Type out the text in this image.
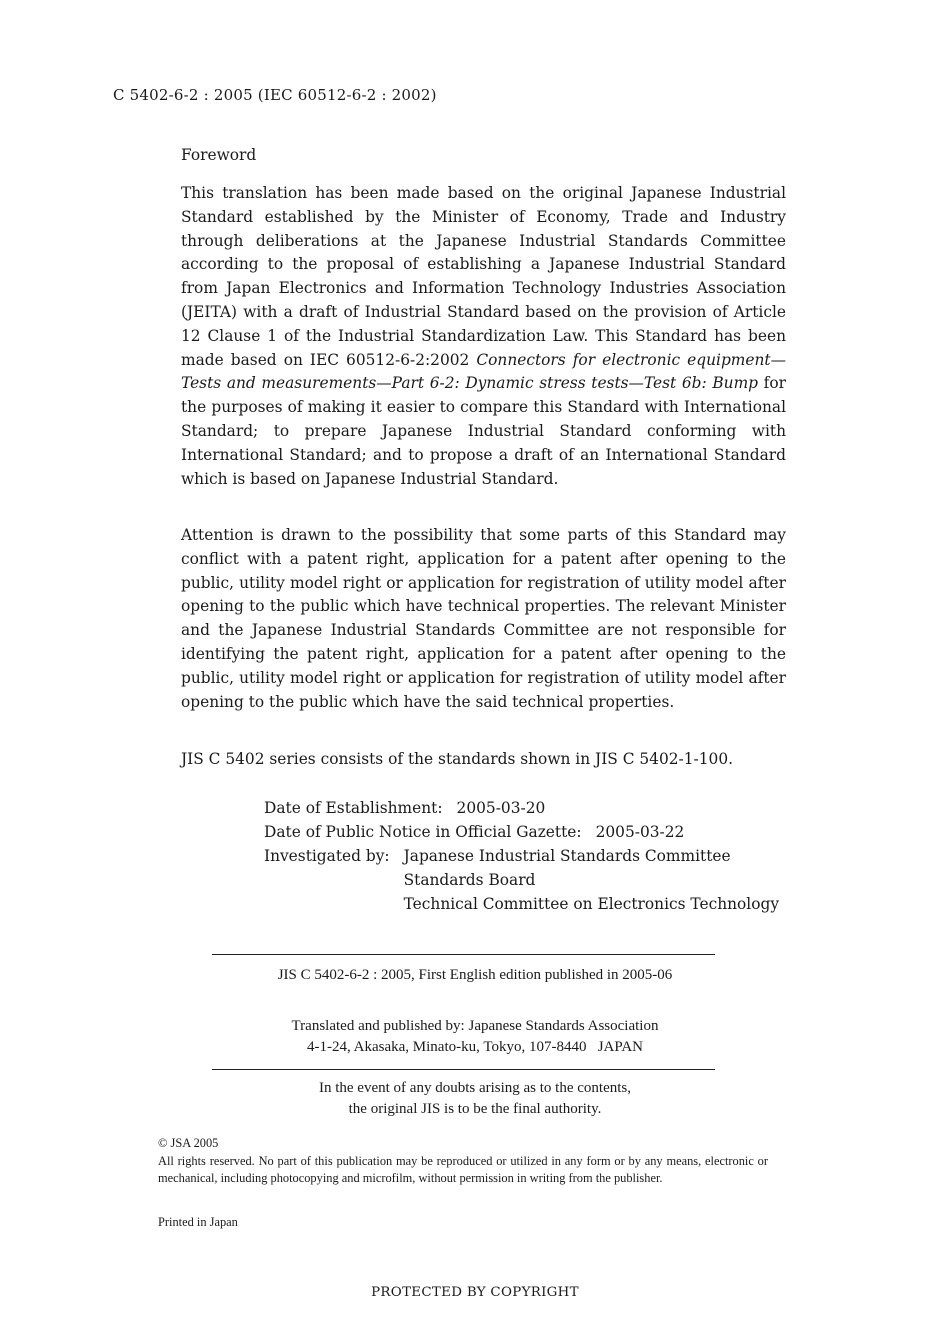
C 5402-6-2 : 2005 (IEC 60512-6-2 : 2002)
Foreword
This translation has been made based on the original Japanese Industrial Standard established by the Minister of Economy, Trade and Industry through deliberations at the Japanese Industrial Standards Committee according to the proposal of establishing a Japanese Industrial Standard from Japan Electronics and Information Technology Industries Association (JEITA) with a draft of Industrial Standard based on the provision of Article 12 Clause 1 of the Industrial Standardization Law. This Standard has been made based on IEC 60512-6-2:2002 Connectors for electronic equipment—Tests and measurements—Part 6-2: Dynamic stress tests—Test 6b: Bump for the purposes of making it easier to compare this Standard with International Standard; to prepare Japanese Industrial Standard conforming with International Standard; and to propose a draft of an International Standard which is based on Japanese Industrial Standard.
Attention is drawn to the possibility that some parts of this Standard may conflict with a patent right, application for a patent after opening to the public, utility model right or application for registration of utility model after opening to the public which have technical properties. The relevant Minister and the Japanese Industrial Standards Committee are not responsible for identifying the patent right, application for a patent after opening to the public, utility model right or application for registration of utility model after opening to the public which have the said technical properties.
JIS C 5402 series consists of the standards shown in JIS C 5402-1-100.
Date of Establishment: 2005-03-20
Date of Public Notice in Official Gazette: 2005-03-22
Investigated by: Japanese Industrial Standards Committee
Standards Board
Technical Committee on Electronics Technology
JIS C 5402-6-2 : 2005, First English edition published in 2005-06
Translated and published by: Japanese Standards Association
4-1-24, Akasaka, Minato-ku, Tokyo, 107-8440   JAPAN
In the event of any doubts arising as to the contents,
the original JIS is to be the final authority.
© JSA 2005
All rights reserved. No part of this publication may be reproduced or utilized in any form or by any means, electronic or mechanical, including photocopying and microfilm, without permission in writing from the publisher.
Printed in Japan
PROTECTED BY COPYRIGHT
